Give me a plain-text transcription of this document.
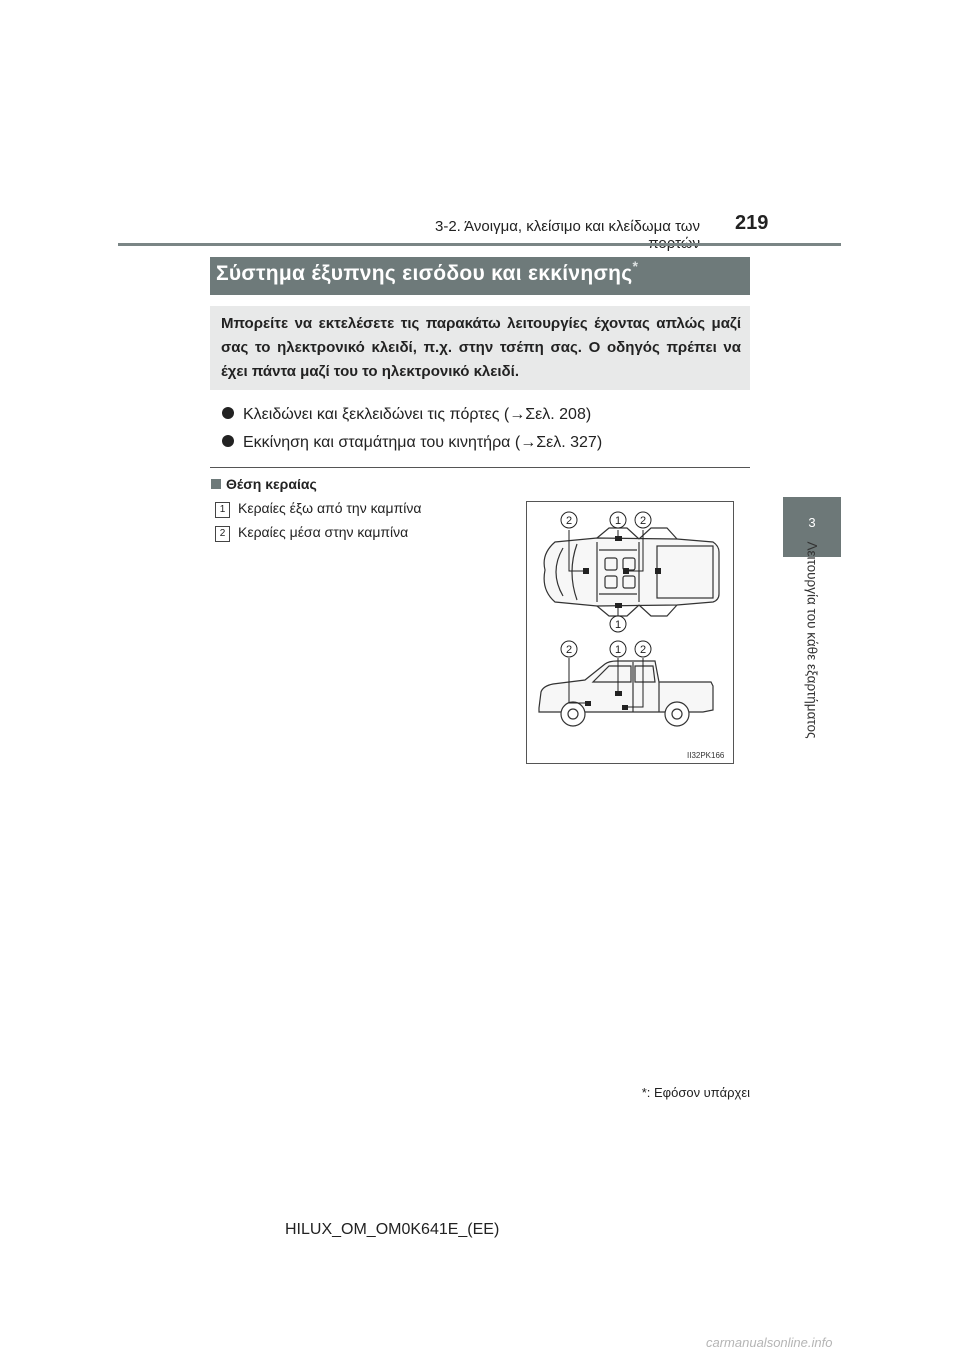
3-2. Άνοιγμα, κλείσιμο και κλείδωμα των 219
3
Λειτουργία του κάθε εξαρτήματος
Σύστημα έξυπνης εισόδου και εκκίνησης*
Μπορείτε να εκτελέσετε τις παρακάτω λειτουργίες έχοντας απλώς μαζί σας το ηλεκτρονικό κλειδί, π.χ. στην τσέπη σας. Ο οδηγός πρέπει να έχει πάντα μαζί του το ηλεκτρονικό κλειδί.
Κλειδώνει και ξεκλειδώνει τις πόρτες (→Σελ. 208)
Εκκίνηση και σταμάτημα του κινητήρα (→Σελ. 327)
Θέση κεραίας
1 Κεραίες έξω από την καμπίνα
2 Κεραίες μέσα στην καμπίνα
2	1 2
1
2	1 2
II32PK166
*: Εφόσον υπάρχει
HILUX_OM_OM0K641E_(EE)
carmanualsonline.info
